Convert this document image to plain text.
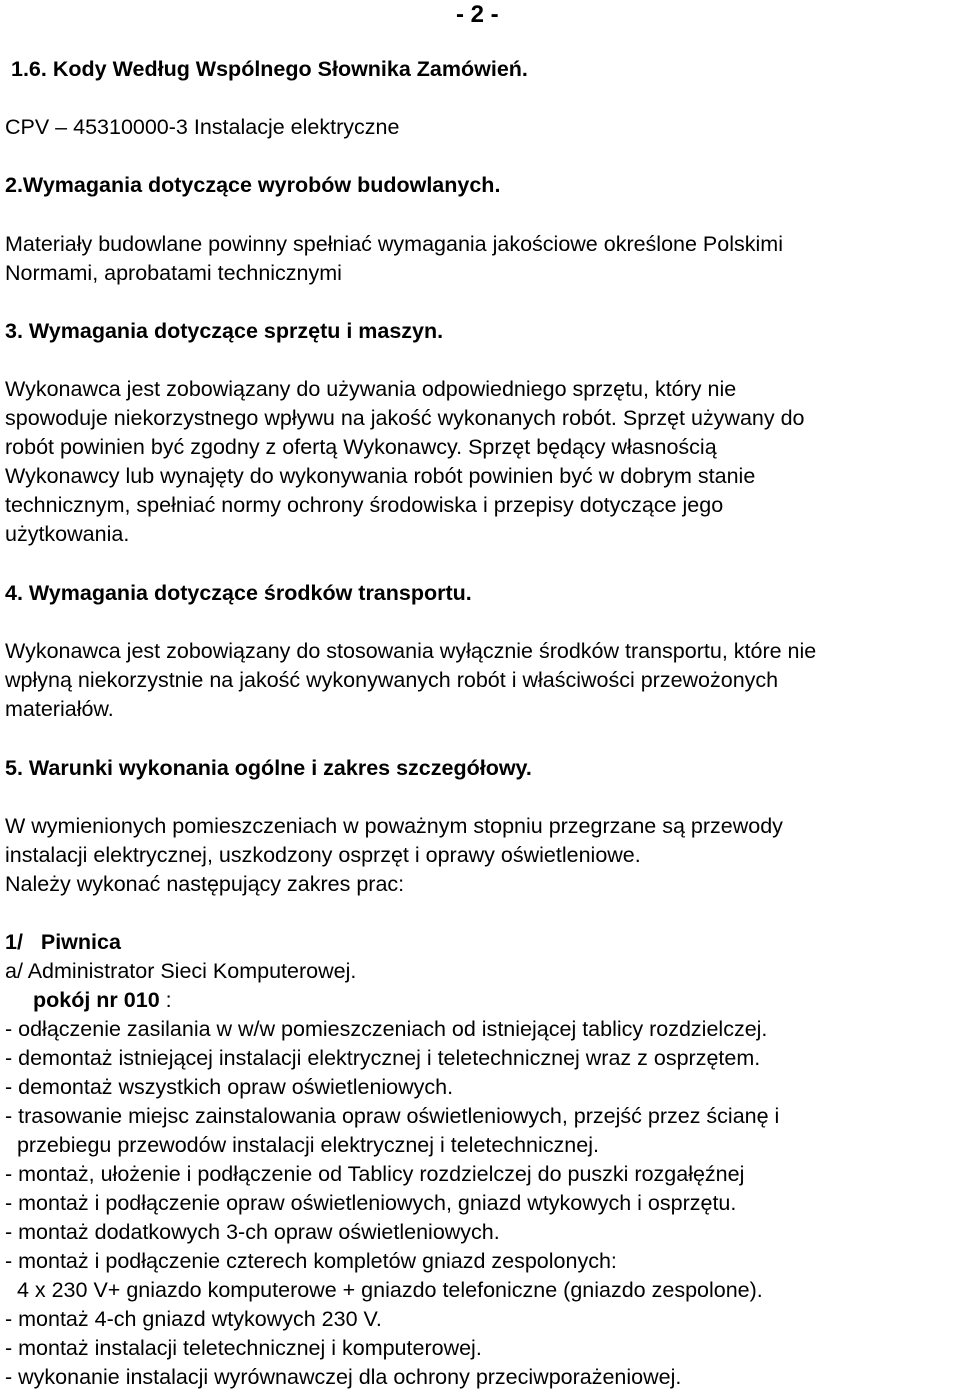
- 2 -
1.6. Kody Według Wspólnego Słownika Zamówień.
CPV – 45310000-3 Instalacje elektryczne
2.Wymagania dotyczące wyrobów budowlanych.
Materiały budowlane powinny spełniać wymagania jakościowe określone Polskimi
Normami, aprobatami technicznymi
3. Wymagania dotyczące sprzętu i maszyn.
Wykonawca jest zobowiązany do używania odpowiedniego sprzętu, który nie
spowoduje niekorzystnego wpływu na jakość wykonanych robót. Sprzęt używany do
robót powinien być zgodny z ofertą Wykonawcy. Sprzęt będący własnością
Wykonawcy lub wynajęty do wykonywania robót powinien być w dobrym stanie
technicznym, spełniać normy ochrony środowiska i przepisy dotyczące jego
użytkowania.
4. Wymagania dotyczące środków transportu.
Wykonawca jest zobowiązany do stosowania wyłącznie środków transportu, które nie
wpłyną niekorzystnie na jakość wykonywanych robót i właściwości przewożonych
materiałów.
5. Warunki wykonania ogólne i zakres szczegółowy.
W wymienionych pomieszczeniach w poważnym stopniu przegrzane są przewody
instalacji elektrycznej, uszkodzony osprzęt i oprawy oświetleniowe.
Należy wykonać następujący zakres prac:
1/   Piwnica
a/ Administrator Sieci Komputerowej.
pokój nr 010 :
- odłączenie zasilania w w/w pomieszczeniach od istniejącej tablicy rozdzielczej.
- demontaż istniejącej instalacji elektrycznej i teletechnicznej wraz z osprzętem.
- demontaż wszystkich opraw oświetleniowych.
- trasowanie miejsc zainstalowania opraw oświetleniowych, przejść przez ścianę i
przebiegu przewodów instalacji elektrycznej i teletechnicznej.
- montaż, ułożenie i podłączenie od Tablicy rozdzielczej do puszki rozgałęźnej
- montaż i podłączenie opraw oświetleniowych, gniazd wtykowych i osprzętu.
- montaż dodatkowych 3-ch opraw oświetleniowych.
- montaż i podłączenie czterech kompletów gniazd zespolonych:
4 x 230 V+ gniazdo komputerowe + gniazdo telefoniczne (gniazdo zespolone).
- montaż 4-ch gniazd wtykowych 230 V.
- montaż instalacji teletechnicznej i komputerowej.
- wykonanie instalacji wyrównawczej dla ochrony przeciwporażeniowej.
